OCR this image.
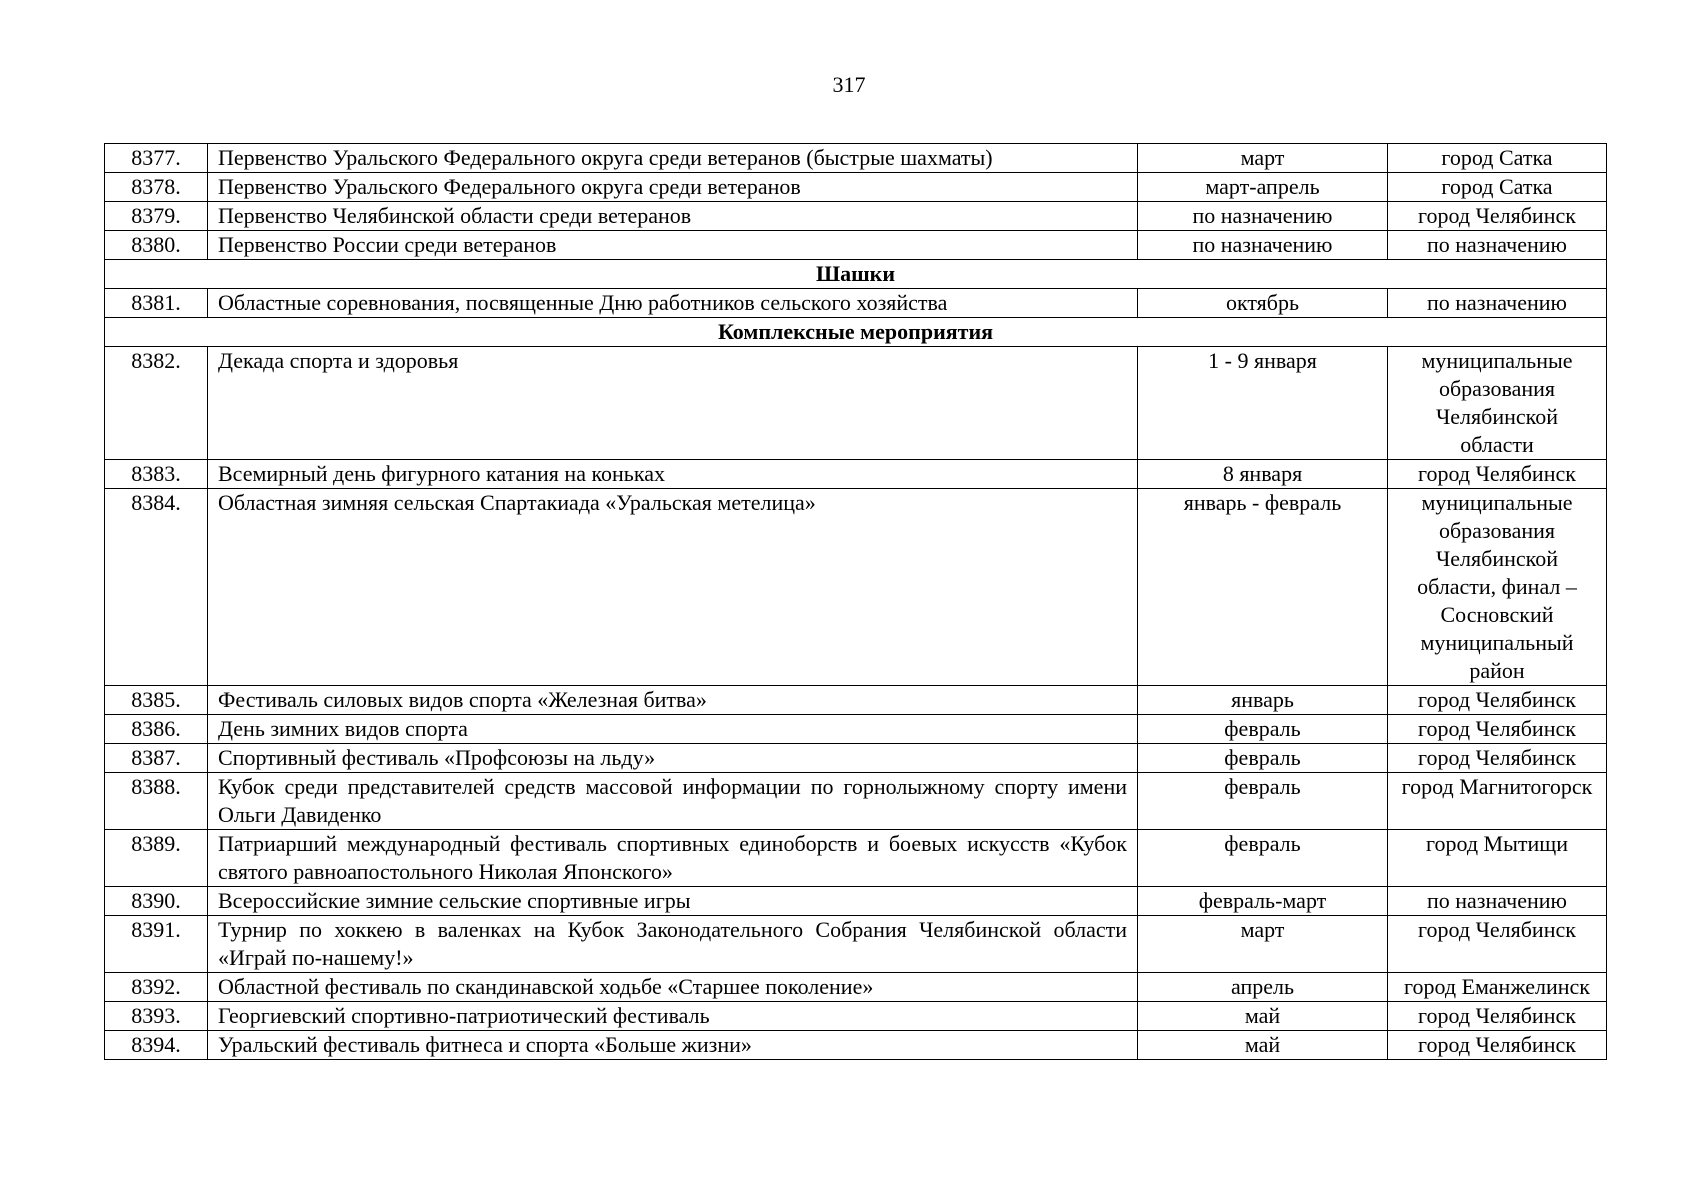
317
8377.	Первенство Уральского Федерального округа среди ветеранов (быстрые шахматы)	март	город Сатка
8378.	Первенство Уральского Федерального округа среди ветеранов	март-апрель	город Сатка
8379.	Первенство Челябинской области среди ветеранов	по назначению	город Челябинск
8380.	Первенство России среди ветеранов	по назначению	по назначению
Шашки			
8381.	Областные соревнования, посвященные Дню работников сельского хозяйства	октябрь	по назначению
Комплексные мероприятия			
8382.	Декада спорта и здоровья	1 - 9 января	муниципальные образования Челябинской области
8383.	Всемирный день фигурного катания на коньках	8 января	город Челябинск
8384.	Областная зимняя сельская Спартакиада «Уральская метелица»	январь - февраль	муниципальные образования Челябинской области, финал – Сосновский муниципальный район
8385.	Фестиваль силовых видов спорта «Железная битва»	январь	город Челябинск
8386.	День зимних видов спорта	февраль	город Челябинск
8387.	Спортивный фестиваль «Профсоюзы на льду»	февраль	город Челябинск
8388.	Кубок среди представителей средств массовой информации по горнолыжному спорту имени Ольги Давиденко	февраль	город Магнитогорск
8389.	Патриарший международный фестиваль спортивных единоборств и боевых искусств «Кубок святого равноапостольного Николая Японского»	февраль	город Мытищи
8390.	Всероссийские зимние сельские спортивные игры	февраль-март	по назначению
8391.	Турнир по хоккею в валенках на Кубок Законодательного Собрания Челябинской области «Играй по-нашему!»	март	город Челябинск
8392.	Областной фестиваль по скандинавской ходьбе «Старшее поколение»	апрель	город Еманжелинск
8393.	Георгиевский спортивно-патриотический фестиваль	май	город Челябинск
8394.	Уральский фестиваль фитнеса и спорта «Больше жизни»	май	город Челябинск
